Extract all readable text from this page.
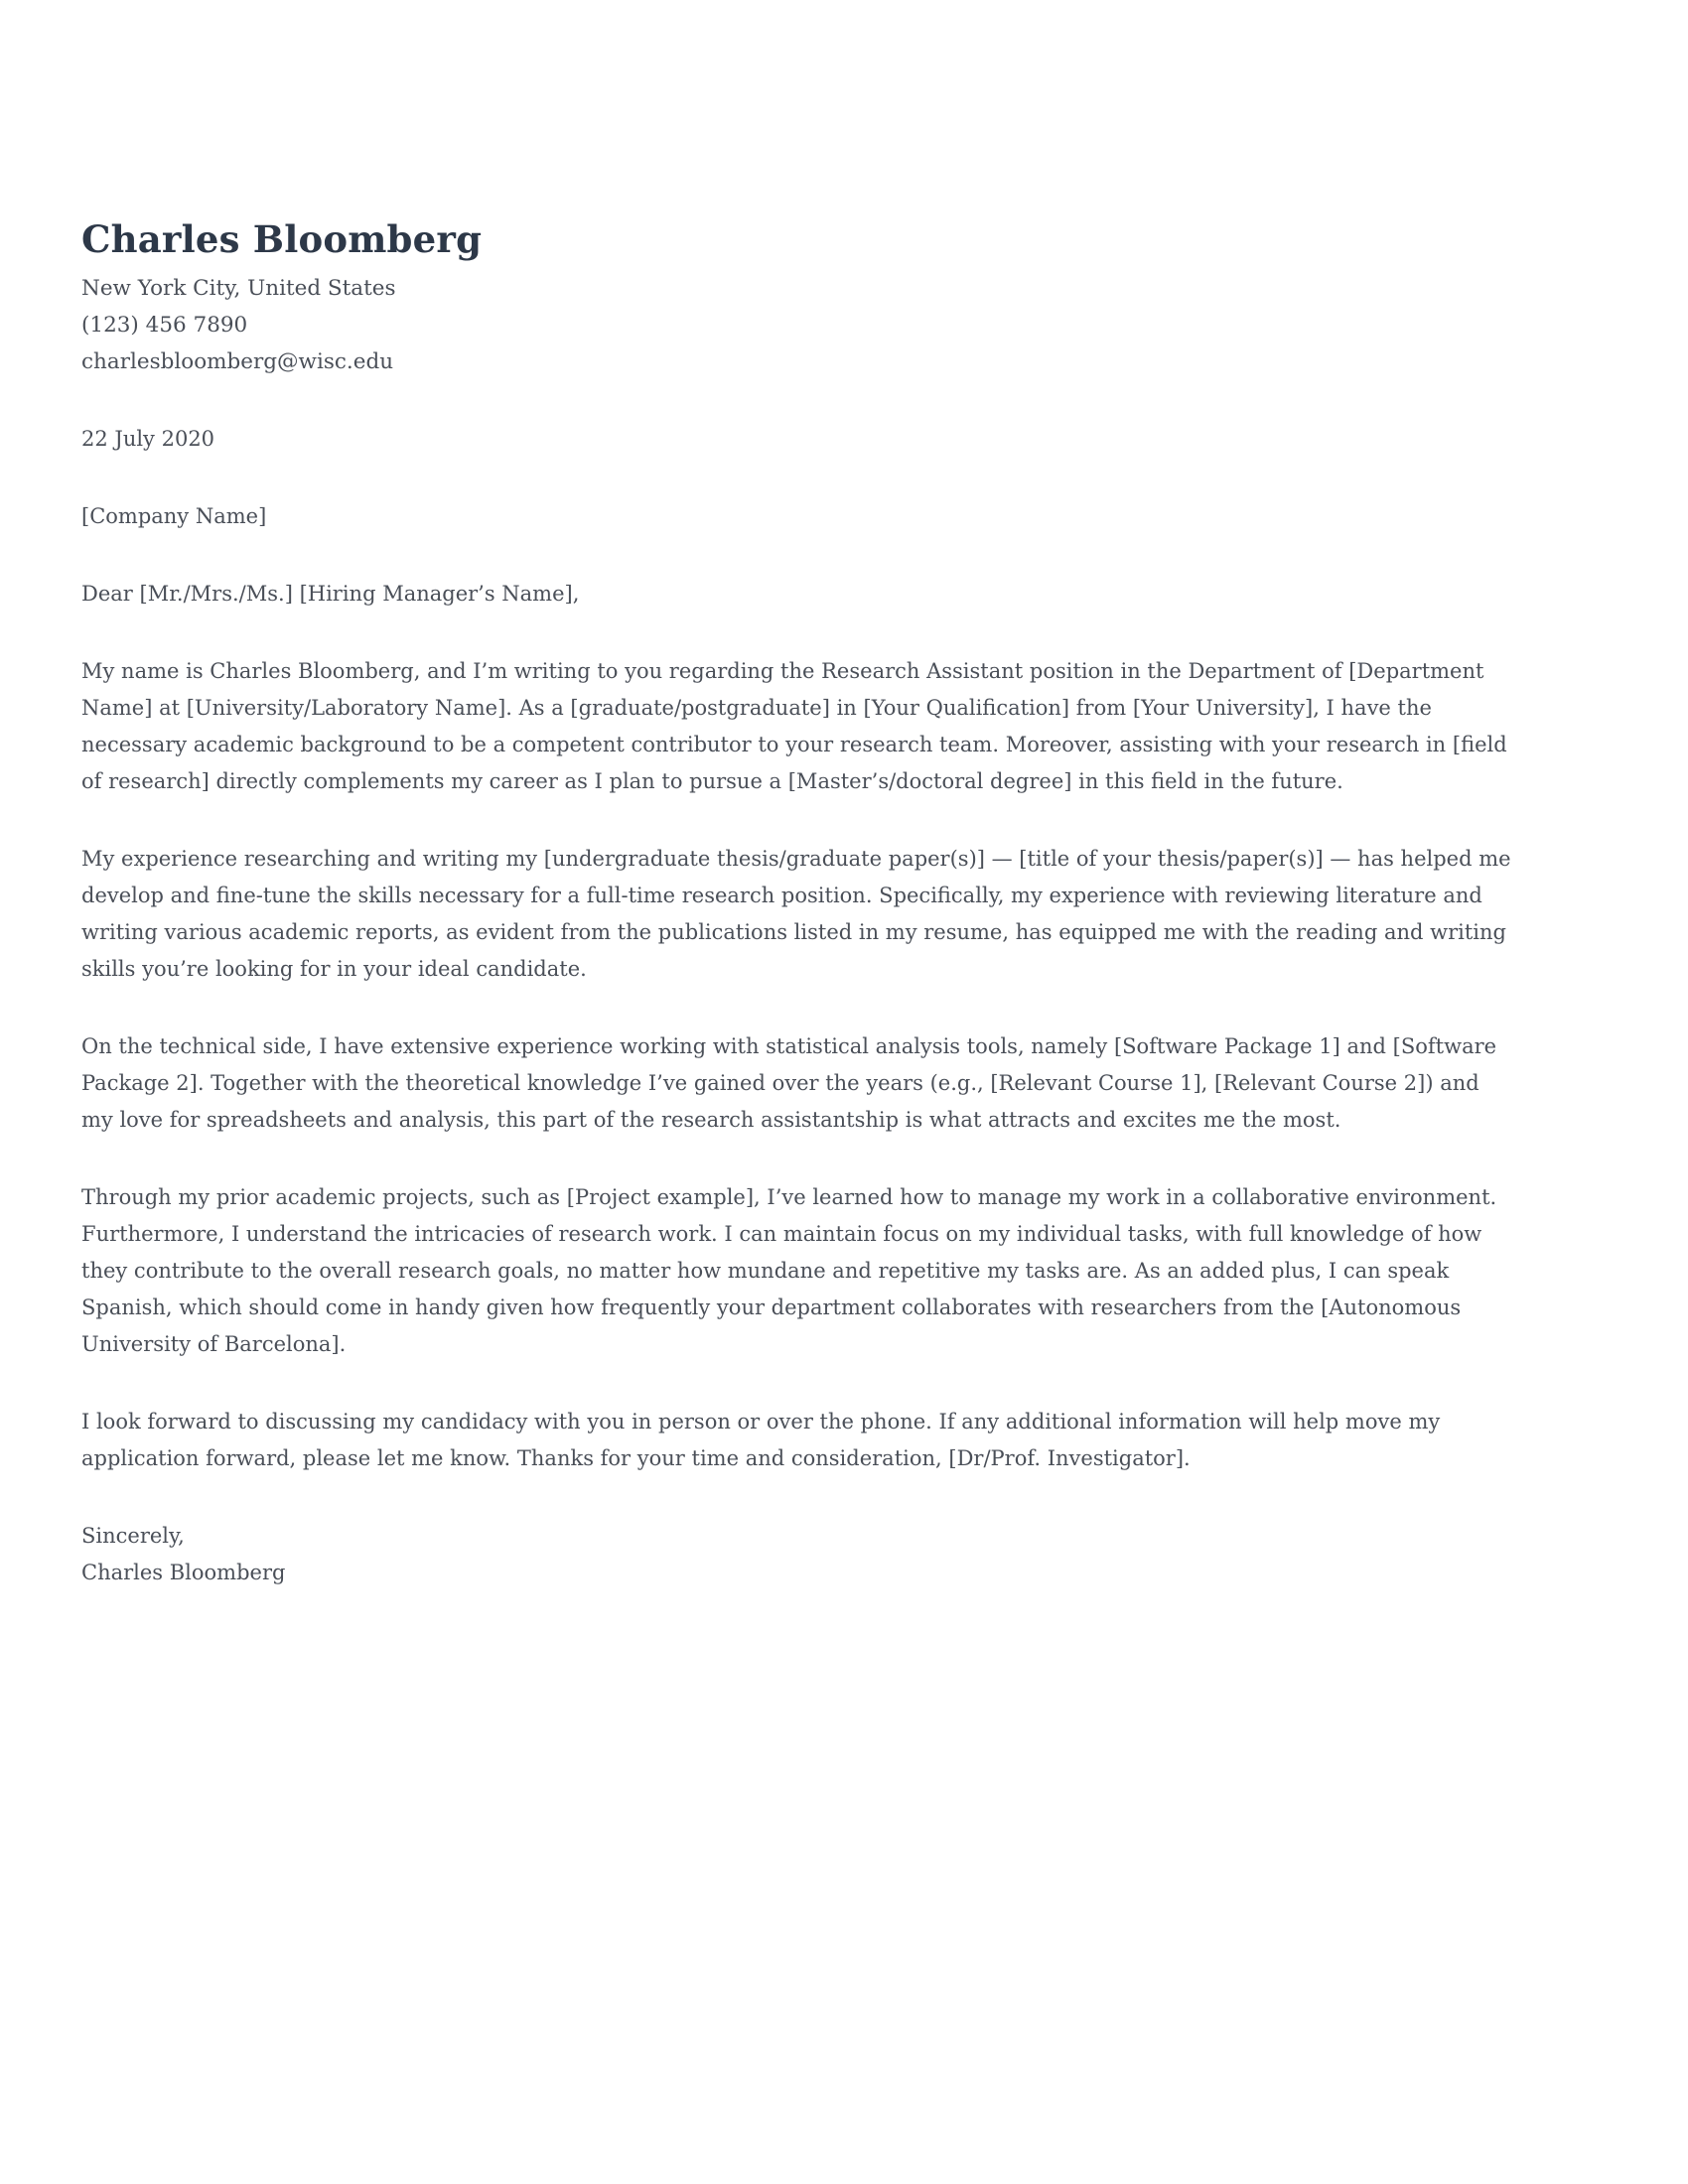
Charles Bloomberg
New York City, United States
(123) 456 7890
charlesbloomberg@wisc.edu
22 July 2020
[Company Name]
Dear [Mr./Mrs./Ms.] [Hiring Manager’s Name],

My name is Charles Bloomberg, and I’m writing to you regarding the Research Assistant position in the Department of [Department Name] at [University/Laboratory Name]. As a [graduate/postgraduate] in [Your Qualification] from [Your University], I have the necessary academic background to be a competent contributor to your research team. Moreover, assisting with your research in [field of research] directly complements my career as I plan to pursue a [Master’s/doctoral degree] in this field in the future.

My experience researching and writing my [undergraduate thesis/graduate paper(s)] — [title of your thesis/paper(s)] — has helped me develop and fine-tune the skills necessary for a full-time research position. Specifically, my experience with reviewing literature and writing various academic reports, as evident from the publications listed in my resume, has equipped me with the reading and writing skills you’re looking for in your ideal candidate.

On the technical side, I have extensive experience working with statistical analysis tools, namely [Software Package 1] and [Software Package 2]. Together with the theoretical knowledge I’ve gained over the years (e.g., [Relevant Course 1], [Relevant Course 2]) and my love for spreadsheets and analysis, this part of the research assistantship is what attracts and excites me the most.

Through my prior academic projects, such as [Project example], I’ve learned how to manage my work in a collaborative environment. Furthermore, I understand the intricacies of research work. I can maintain focus on my individual tasks, with full knowledge of how they contribute to the overall research goals, no matter how mundane and repetitive my tasks are. As an added plus, I can speak Spanish, which should come in handy given how frequently your department collaborates with researchers from the [Autonomous University of Barcelona].

I look forward to discussing my candidacy with you in person or over the phone. If any additional information will help move my application forward, please let me know. Thanks for your time and consideration, [Dr/Prof. Investigator].

Sincerely,
Charles Bloomberg
